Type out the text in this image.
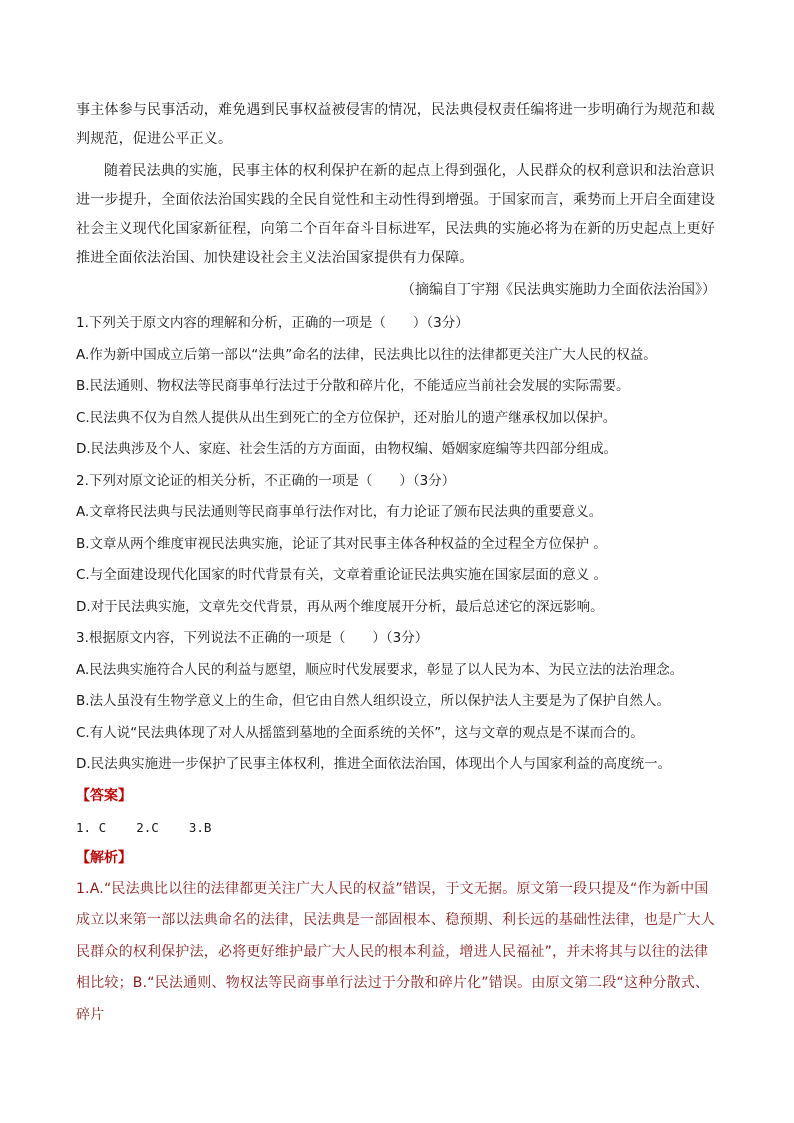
事主体参与民事活动，难免遇到民事权益被侵害的情况，民法典侵权责任编将进一步明确行为规范和裁判规范，促进公平正义。

随着民法典的实施，民事主体的权利保护在新的起点上得到强化，人民群众的权利意识和法治意识进一步提升，全面依法治国实践的全民自觉性和主动性得到增强。于国家而言，乘势而上开启全面建设社会主义现代化国家新征程，向第二个百年奋斗目标进军，民法典的实施必将为在新的历史起点上更好推进全面依法治国、加快建设社会主义法治国家提供有力保障。

（摘编自丁宇翔《民法典实施助力全面依法治国》）

1.下列关于原文内容的理解和分析，正确的一项是（　　）（3分）

A.作为新中国成立后第一部以“法典”命名的法律，民法典比以往的法律都更关注广大人民的权益。

B.民法通则、物权法等民商事单行法过于分散和碎片化，不能适应当前社会发展的实际需要。

C.民法典不仅为自然人提供从出生到死亡的全方位保护，还对胎儿的遗产继承权加以保护。

D.民法典涉及个人、家庭、社会生活的方方面面，由物权编、婚姻家庭编等共四部分组成。

2.下列对原文论证的相关分析，不正确的一项是（　　）（3分）

A.文章将民法典与民法通则等民商事单行法作对比，有力论证了颁布民法典的重要意义。

B.文章从两个维度审视民法典实施，论证了其对民事主体各种权益的全过程全方位保护 。

C.与全面建设现代化国家的时代背景有关，文章着重论证民法典实施在国家层面的意义 。

D.对于民法典实施，文章先交代背景，再从两个维度展开分析，最后总述它的深远影响。

3.根据原文内容，下列说法不正确的一项是（　　）（3分）

A.民法典实施符合人民的利益与愿望，顺应时代发展要求，彰显了以人民为本、为民立法的法治理念。

B.法人虽没有生物学意义上的生命，但它由自然人组织设立，所以保护法人主要是为了保护自然人。

C.有人说“民法典体现了对人从摇篮到墓地的全面系统的关怀”，这与文章的观点是不谋而合的。

D.民法典实施进一步保护了民事主体权利，推进全面依法治国，体现出个人与国家利益的高度统一。

【答案】

1. C    2.C    3.B

【解析】

1.A.“民法典比以往的法律都更关注广大人民的权益”错误，于文无据。原文第一段只提及“作为新中国成立以来第一部以法典命名的法律，民法典是一部固根本、稳预期、利长远的基础性法律，也是广大人民群众的权利保护法，必将更好维护最广大人民的根本利益，增进人民福祉”，并未将其与以往的法律相比较；B.“民法通则、物权法等民商事单行法过于分散和碎片化”错误。由原文第二段“这种分散式、碎片
